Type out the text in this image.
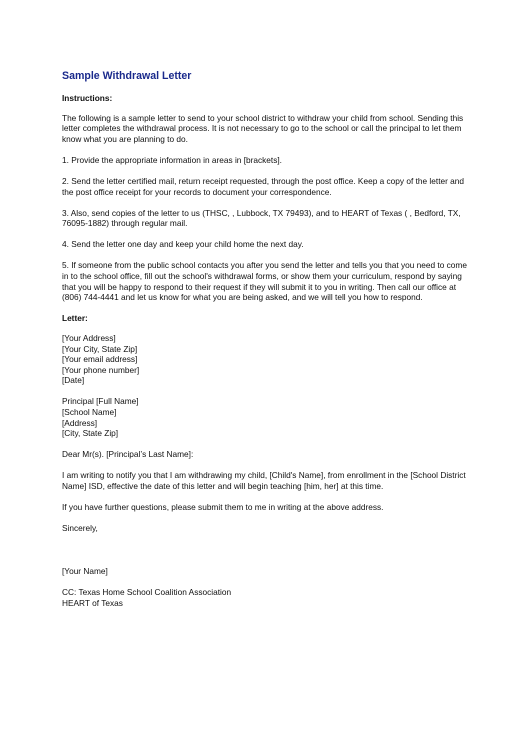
Sample Withdrawal Letter
Instructions:
The following is a sample letter to send to your school district to withdraw your child from school. Sending this letter completes the withdrawal process. It is not necessary to go to the school or call the principal to let them know what you are planning to do.
1. Provide the appropriate information in areas in [brackets].
2. Send the letter certified mail, return receipt requested, through the post office. Keep a copy of the letter and the post office receipt for your records to document your correspondence.
3. Also, send copies of the letter to us (THSC, , Lubbock, TX 79493), and to HEART of Texas ( , Bedford, TX, 76095-1882) through regular mail.
4. Send the letter one day and keep your child home the next day.
5. If someone from the public school contacts you after you send the letter and tells you that you need to come in to the school office, fill out the school's withdrawal forms, or show them your curriculum, respond by saying that you will be happy to respond to their request if they will submit it to you in writing. Then call our office at (806) 744-4441 and let us know for what you are being asked, and we will tell you how to respond.
Letter:
[Your Address]
[Your City, State Zip]
[Your email address]
[Your phone number]
[Date]
Principal [Full Name]
[School Name]
[Address]
[City, State Zip]
Dear Mr(s). [Principal’s Last Name]:
I am writing to notify you that I am withdrawing my child, [Child's Name], from enrollment in the [School District Name] ISD, effective the date of this letter and will begin teaching [him, her] at this time.
If you have further questions, please submit them to me in writing at the above address.
Sincerely,
[Your Name]
CC: Texas Home School Coalition Association
HEART of Texas
